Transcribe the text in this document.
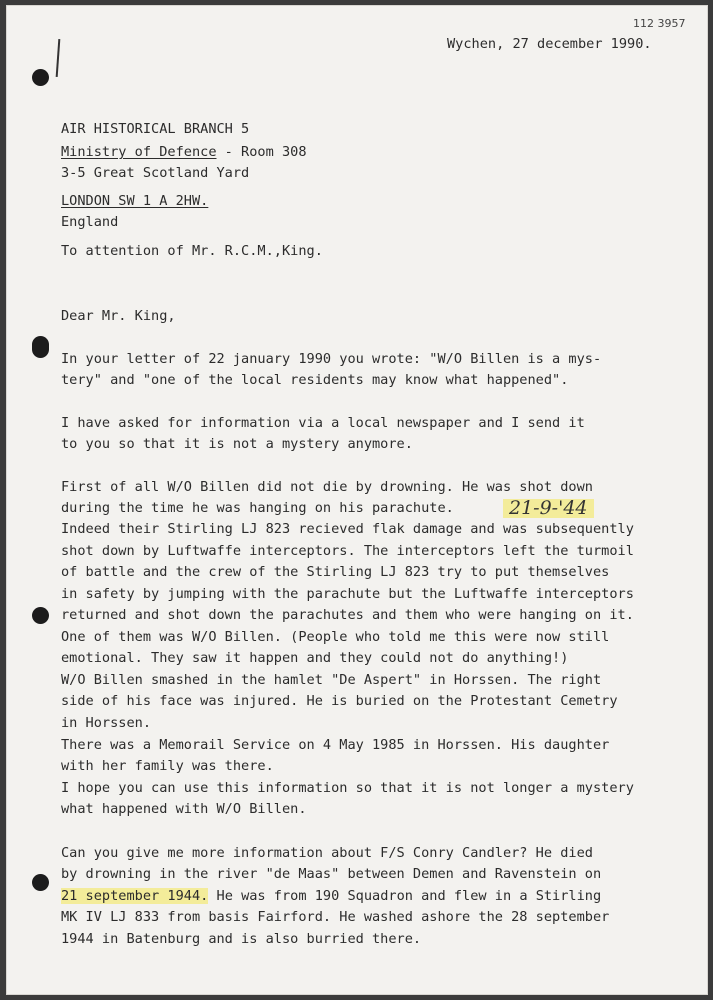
112 3957
Wychen, 27 december 1990.
AIR HISTORICAL BRANCH 5
Ministry of Defence - Room 308
3-5 Great Scotland Yard
LONDON SW 1 A 2HW.
England
To attention of Mr. R.C.M.,King.
Dear Mr. King,
In your letter of 22 january 1990 you wrote: "W/O Billen is a mys-
tery" and "one of the local residents may know what happened".
I have asked for information via a local newspaper and I send it
to you so that it is not a mystery anymore.
First of all W/O Billen did not die by drowning. He was shot down
during the time he was hanging on his parachute.	21-9-'44
Indeed their Stirling LJ 823 recieved flak damage and was subsequently
shot down by Luftwaffe interceptors. The interceptors left the turmoil
of battle and the crew of the Stirling LJ 823 try to put themselves
in safety by jumping with the parachute but the Luftwaffe interceptors
returned and shot down the parachutes and them who were hanging on it.
One of them was W/O Billen. (People who told me this were now still
emotional. They saw it happen and they could not do anything!)
W/O Billen smashed in the hamlet "De Aspert" in Horssen. The right
side of his face was injured. He is buried on the Protestant Cemetry
in Horssen.
There was a Memorail Service on 4 May 1985 in Horssen. His daughter
with her family was there.
I hope you can use this information so that it is not longer a mystery
what happened with W/O Billen.
Can you give me more information about F/S Conry Candler? He died
by drowning in the river "de Maas" between Demen and Ravenstein on
21 september 1944. He was from 190 Squadron and flew in a Stirling
MK IV LJ 833 from basis Fairford. He washed ashore the 28 september
1944 in Batenburg and is also burried there.
